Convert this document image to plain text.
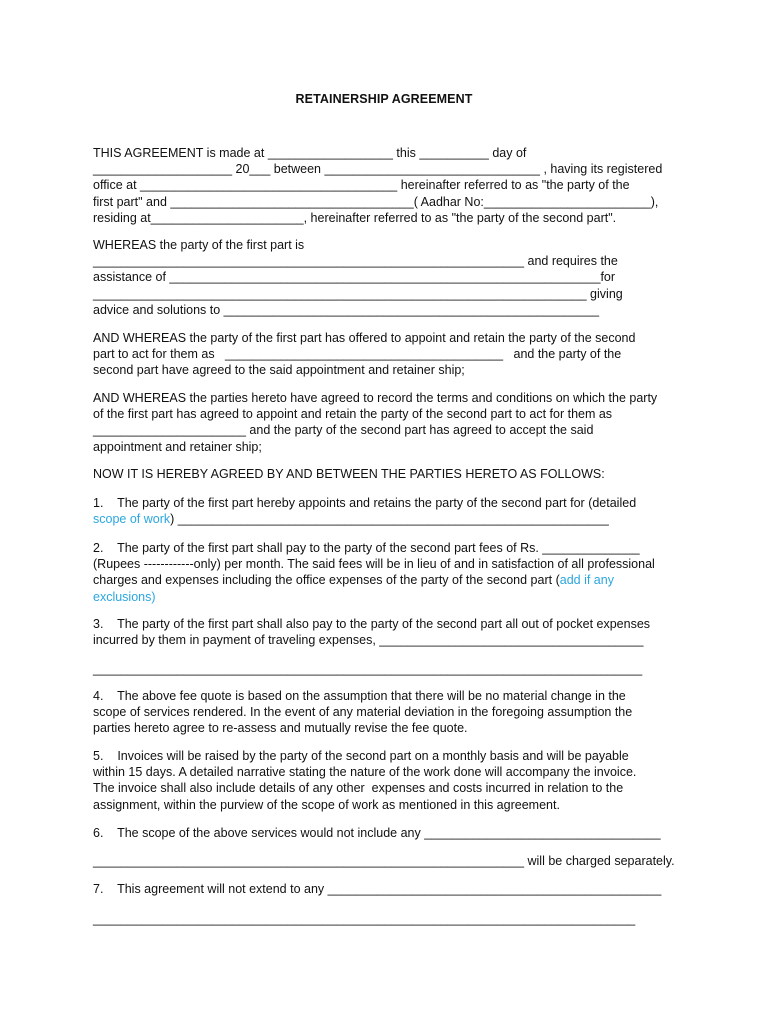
RETAINERSHIP AGREEMENT
THIS AGREEMENT is made at __________________ this __________ day of
____________________ 20___ between _______________________________ , having its registered
office at _____________________________________ hereinafter referred to as "the party of the
first part" and ___________________________________( Aadhar No:________________________),
residing at______________________, hereinafter referred to as "the party of the second part".
WHEREAS the party of the first part is
______________________________________________________________ and requires the
assistance of ______________________________________________________________for
_______________________________________________________________________ giving
advice and solutions to ______________________________________________________
AND WHEREAS the party of the first part has offered to appoint and retain the party of the second
part to act for them as   ________________________________________   and the party of the
second part have agreed to the said appointment and retainer ship;
AND WHEREAS the parties hereto have agreed to record the terms and conditions on which the party
of the first part has agreed to appoint and retain the party of the second part to act for them as
______________________ and the party of the second part has agreed to accept the said
appointment and retainer ship;
NOW IT IS HEREBY AGREED BY AND BETWEEN THE PARTIES HERETO AS FOLLOWS:
1.    The party of the first part hereby appoints and retains the party of the second part for (detailed
scope of work) ______________________________________________________________
2.    The party of the first part shall pay to the party of the second part fees of Rs. ______________
(Rupees ------------only) per month. The said fees will be in lieu of and in satisfaction of all professional
charges and expenses including the office expenses of the party of the second part (add if any
exclusions)
3.    The party of the first part shall also pay to the party of the second part all out of pocket expenses
incurred by them in payment of traveling expenses, ______________________________________
_______________________________________________________________________________
4.    The above fee quote is based on the assumption that there will be no material change in the
scope of services rendered. In the event of any material deviation in the foregoing assumption the
parties hereto agree to re-assess and mutually revise the fee quote.
5.    Invoices will be raised by the party of the second part on a monthly basis and will be payable
within 15 days. A detailed narrative stating the nature of the work done will accompany the invoice.
The invoice shall also include details of any other  expenses and costs incurred in relation to the
assignment, within the purview of the scope of work as mentioned in this agreement.
6.    The scope of the above services would not include any __________________________________
______________________________________________________________ will be charged separately.
7.    This agreement will not extend to any ________________________________________________
______________________________________________________________________________
